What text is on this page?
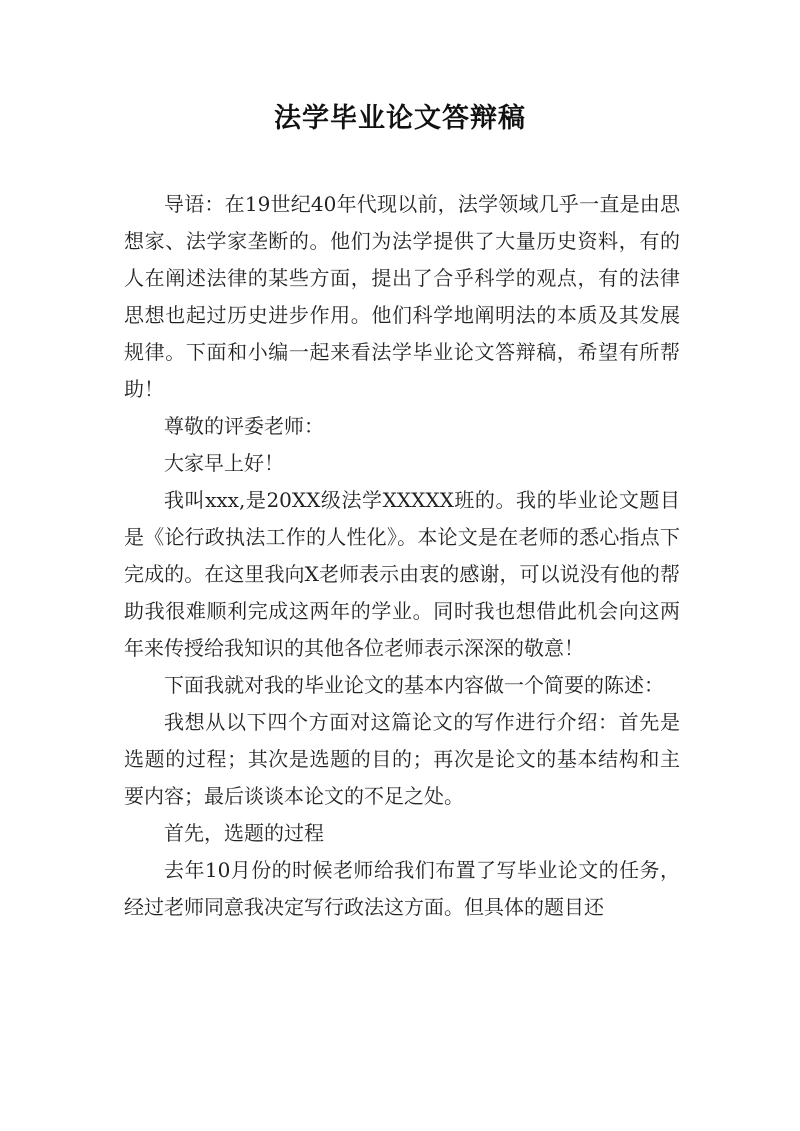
法学毕业论文答辩稿

导语：在19世纪40年代现以前，法学领域几乎一直是由思想家、法学家垄断的。他们为法学提供了大量历史资料，有的人在阐述法律的某些方面，提出了合乎科学的观点，有的法律思想也起过历史进步作用。他们科学地阐明法的本质及其发展规律。下面和小编一起来看法学毕业论文答辩稿，希望有所帮助！

尊敬的评委老师：

大家早上好！

我叫xxx,是20XX级法学XXXXX班的。我的毕业论文题目是《论行政执法工作的人性化》。本论文是在老师的悉心指点下完成的。在这里我向X老师表示由衷的感谢，可以说没有他的帮助我很难顺利完成这两年的学业。同时我也想借此机会向这两年来传授给我知识的其他各位老师表示深深的敬意！

下面我就对我的毕业论文的基本内容做一个简要的陈述：

我想从以下四个方面对这篇论文的写作进行介绍：首先是选题的过程；其次是选题的目的；再次是论文的基本结构和主要内容；最后谈谈本论文的不足之处。

首先，选题的过程

去年10月份的时候老师给我们布置了写毕业论文的任务，经过老师同意我决定写行政法这方面。但具体的题目还
